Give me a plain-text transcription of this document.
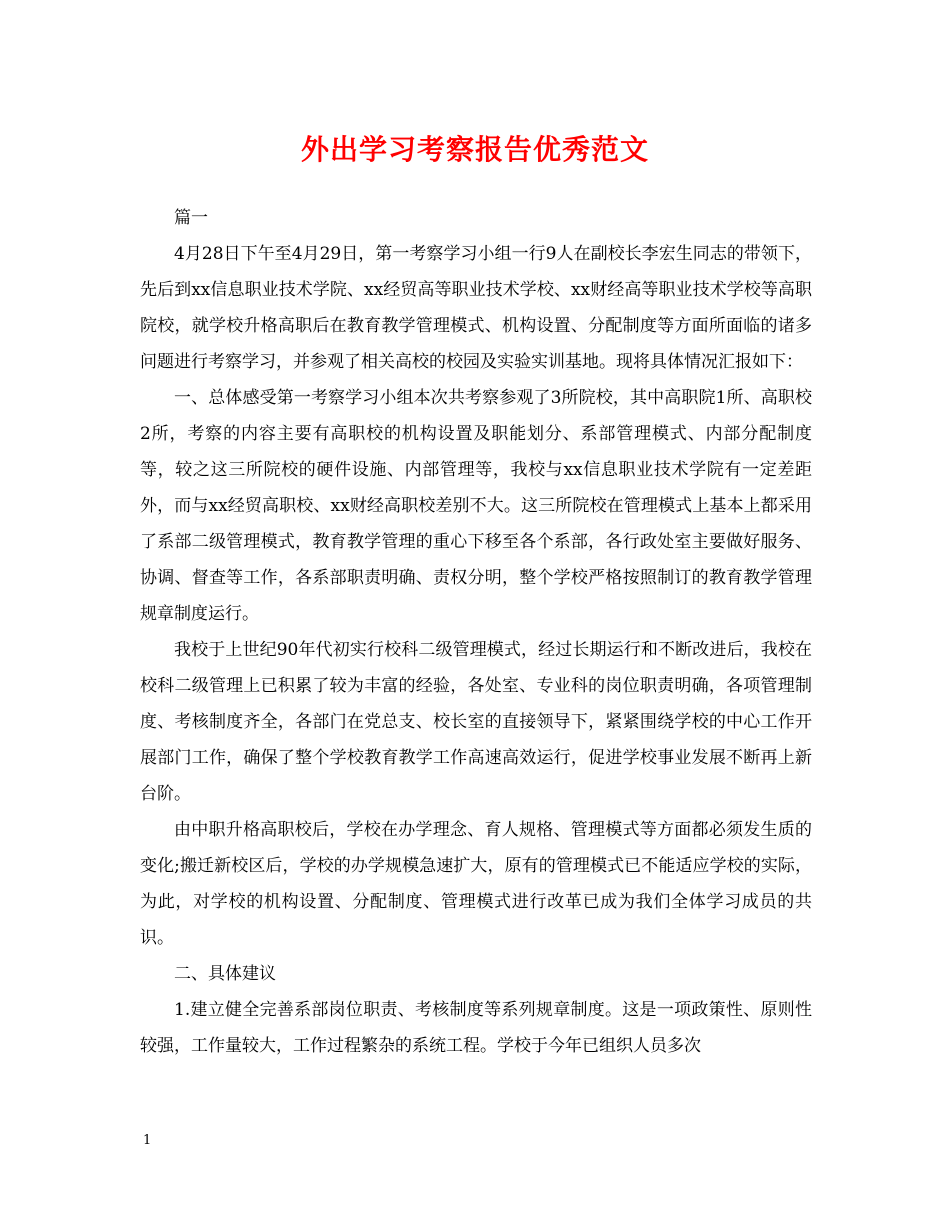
外出学习考察报告优秀范文

篇一

4月28日下午至4月29日，第一考察学习小组一行9人在副校长李宏生同志的带领下，先后到xx信息职业技术学院、xx经贸高等职业技术学校、xx财经高等职业技术学校等高职院校，就学校升格高职后在教育教学管理模式、机构设置、分配制度等方面所面临的诸多问题进行考察学习，并参观了相关高校的校园及实验实训基地。现将具体情况汇报如下：

一、总体感受第一考察学习小组本次共考察参观了3所院校，其中高职院1所、高职校2所，考察的内容主要有高职校的机构设置及职能划分、系部管理模式、内部分配制度等，较之这三所院校的硬件设施、内部管理等，我校与xx信息职业技术学院有一定差距外，而与xx经贸高职校、xx财经高职校差别不大。这三所院校在管理模式上基本上都采用了系部二级管理模式，教育教学管理的重心下移至各个系部，各行政处室主要做好服务、协调、督查等工作，各系部职责明确、责权分明，整个学校严格按照制订的教育教学管理规章制度运行。

我校于上世纪90年代初实行校科二级管理模式，经过长期运行和不断改进后，我校在校科二级管理上已积累了较为丰富的经验，各处室、专业科的岗位职责明确，各项管理制度、考核制度齐全，各部门在党总支、校长室的直接领导下，紧紧围绕学校的中心工作开展部门工作，确保了整个学校教育教学工作高速高效运行，促进学校事业发展不断再上新台阶。

由中职升格高职校后，学校在办学理念、育人规格、管理模式等方面都必须发生质的变化;搬迁新校区后，学校的办学规模急速扩大，原有的管理模式已不能适应学校的实际，为此，对学校的机构设置、分配制度、管理模式进行改革已成为我们全体学习成员的共识。

二、具体建议

1.建立健全完善系部岗位职责、考核制度等系列规章制度。这是一项政策性、原则性较强，工作量较大，工作过程繁杂的系统工程。学校于今年已组织人员多次

1
